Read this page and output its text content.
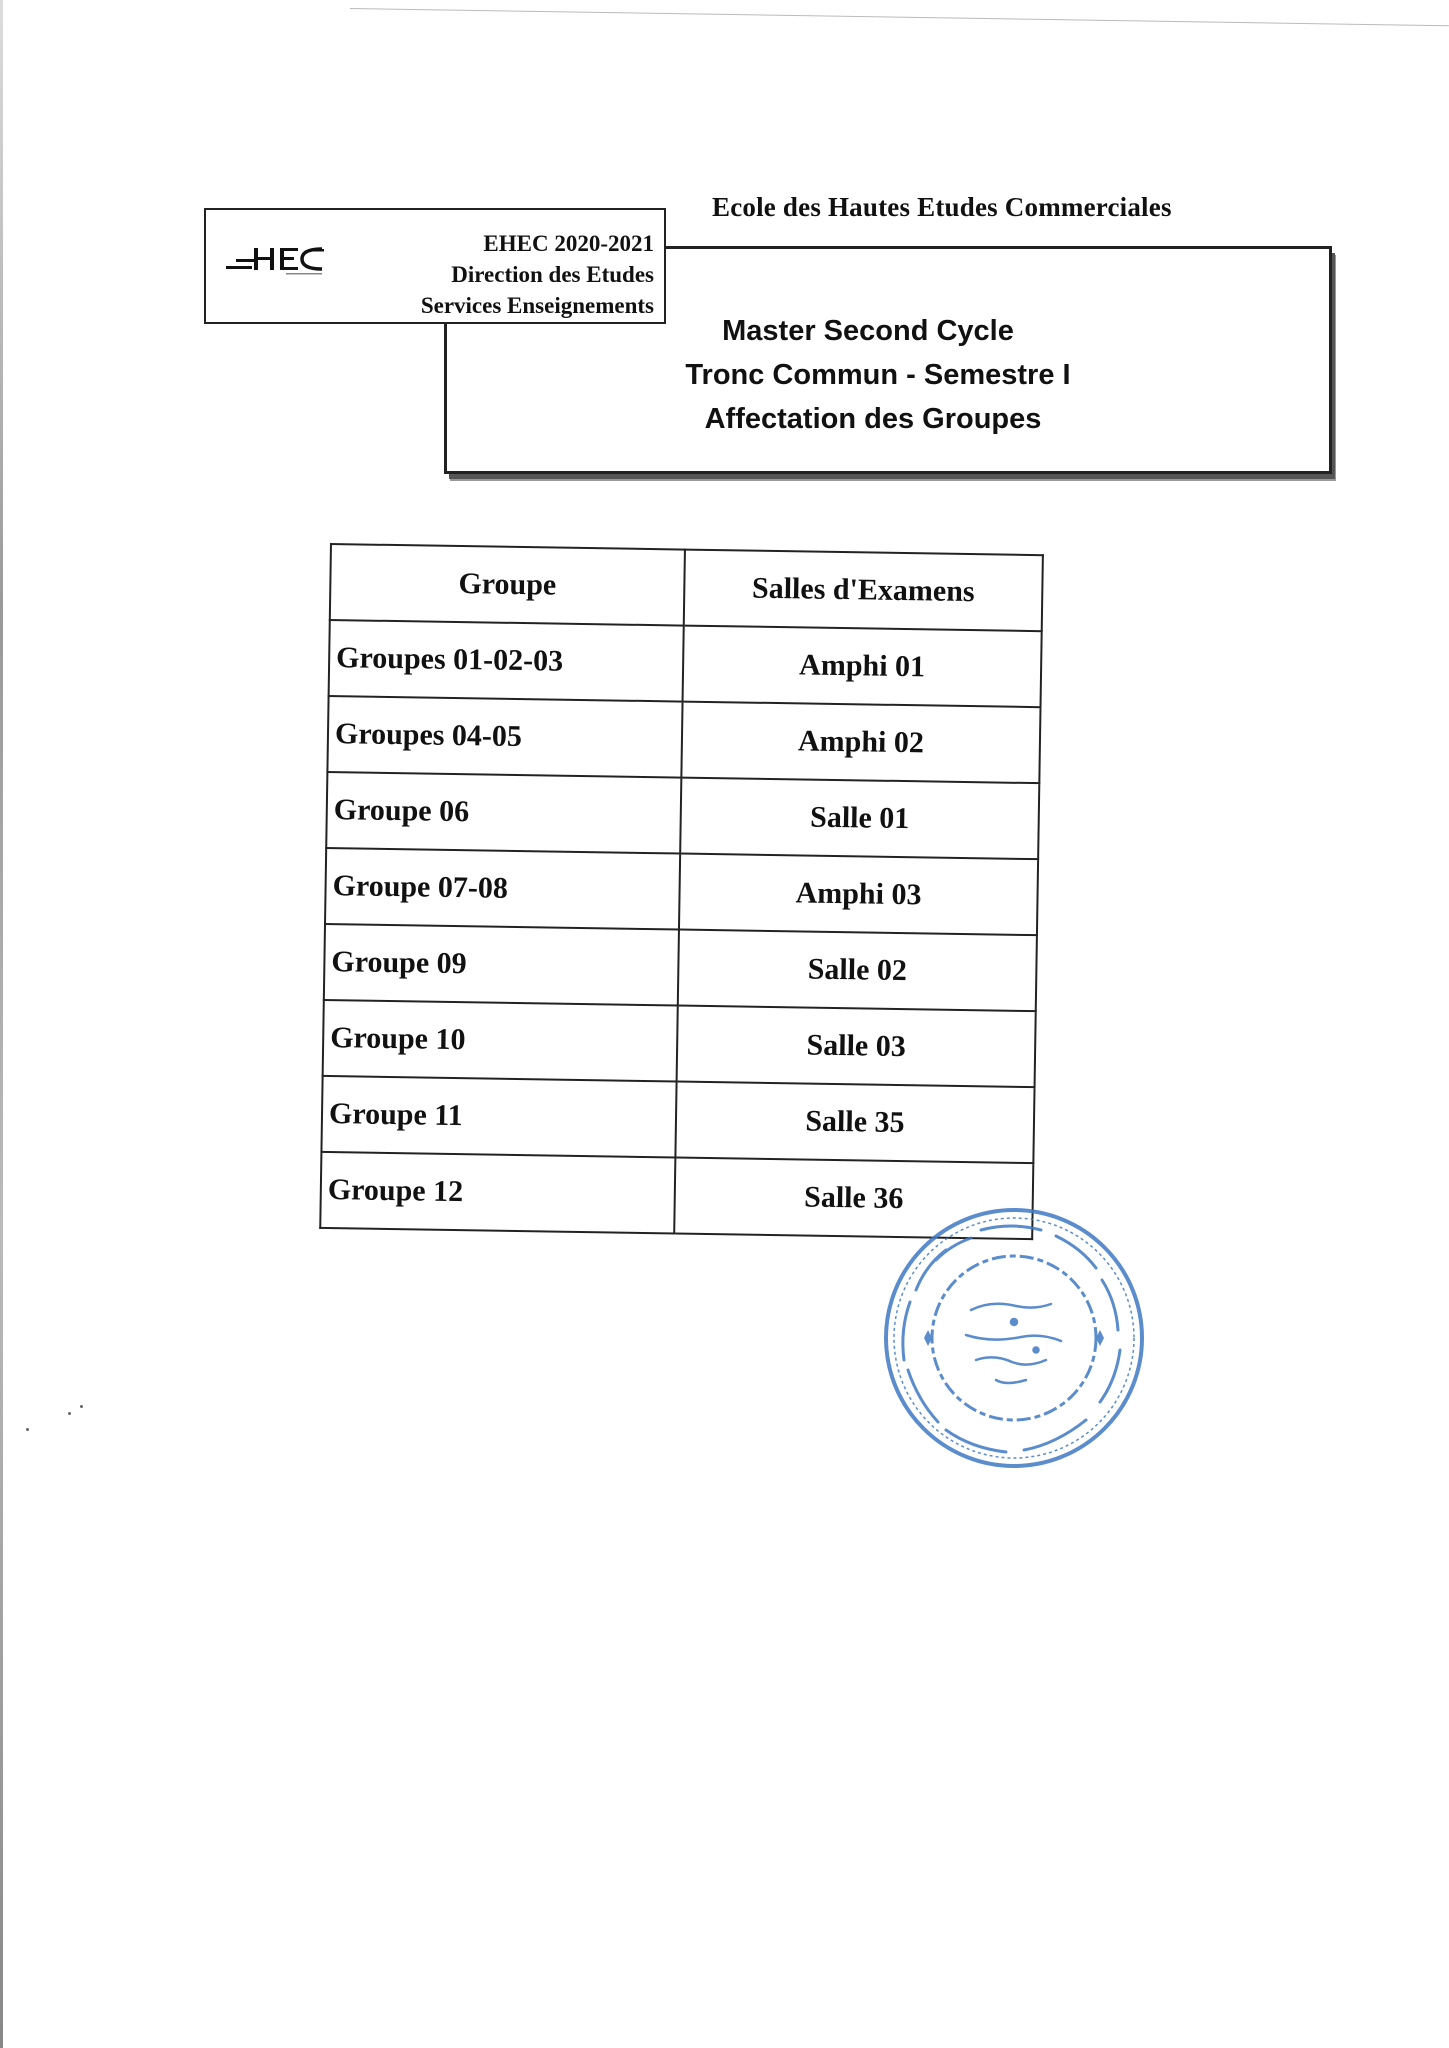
Ecole des Hautes Etudes Commerciales
EHEC 2020-2021
Direction des Etudes
Services Enseignements
Master Second Cycle
Tronc Commun - Semestre I
Affectation des Groupes
Groupe	Salles d'Examens
Groupes 01-02-03	Amphi 01
Groupes 04-05	Amphi 02
Groupe 06	Salle 01
Groupe 07-08	Amphi 03
Groupe 09	Salle 02
Groupe 10	Salle 03
Groupe 11	Salle 35
Groupe 12	Salle 36
